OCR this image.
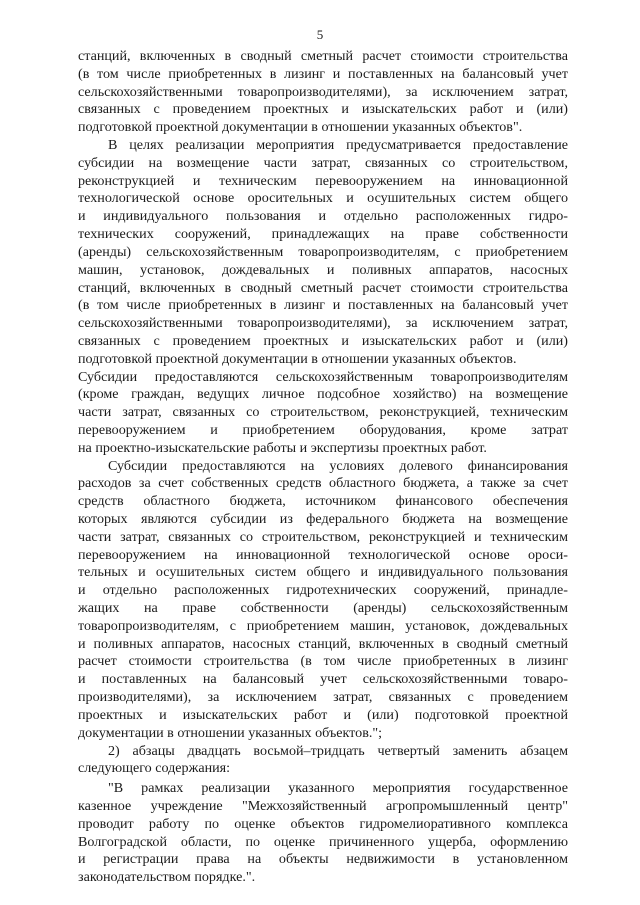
5
станций, включенных в сводный сметный расчет стоимости строительства
(в том числе приобретенных в лизинг и поставленных на балансовый учет
сельскохозяйственными товаропроизводителями), за исключением затрат,
связанных с проведением проектных и изыскательских работ и (или)
подготовкой проектной документации в отношении указанных объектов".
В целях реализации мероприятия предусматривается предоставление
субсидии на возмещение части затрат, связанных со строительством,
реконструкцией и техническим перевооружением на инновационной
технологической основе оросительных и осушительных систем общего
и индивидуального пользования и отдельно расположенных гидро-
технических сооружений, принадлежащих на праве собственности
(аренды) сельскохозяйственным товаропроизводителям, с приобретением
машин, установок, дождевальных и поливных аппаратов, насосных
станций, включенных в сводный сметный расчет стоимости строительства
(в том числе приобретенных в лизинг и поставленных на балансовый учет
сельскохозяйственными товаропроизводителями), за исключением затрат,
связанных с проведением проектных и изыскательских работ и (или)
подготовкой проектной документации в отношении указанных объектов.
Субсидии предоставляются сельскохозяйственным товаропроизводителям
(кроме граждан, ведущих личное подсобное хозяйство) на возмещение
части затрат, связанных со строительством, реконструкцией, техническим
перевооружением и приобретением оборудования, кроме затрат
на проектно-изыскательские работы и экспертизы проектных работ.
Субсидии предоставляются на условиях долевого финансирования
расходов за счет собственных средств областного бюджета, а также за счет
средств областного бюджета, источником финансового обеспечения
которых являются субсидии из федерального бюджета на возмещение
части затрат, связанных со строительством, реконструкцией и техническим
перевооружением на инновационной технологической основе ороси-
тельных и осушительных систем общего и индивидуального пользования
и отдельно расположенных гидротехнических сооружений, принадле-
жащих на праве собственности (аренды) сельскохозяйственным
товаропроизводителям, с приобретением машин, установок, дождевальных
и поливных аппаратов, насосных станций, включенных в сводный сметный
расчет стоимости строительства (в том числе приобретенных в лизинг
и поставленных на балансовый учет сельскохозяйственными товаро-
производителями), за исключением затрат, связанных с проведением
проектных и изыскательских работ и (или) подготовкой проектной
документации в отношении указанных объектов.";
2) абзацы двадцать восьмой–тридцать четвертый заменить абзацем
следующего содержания:
"В рамках реализации указанного мероприятия государственное
казенное учреждение "Межхозяйственный агропромышленный центр"
проводит работу по оценке объектов гидромелиоративного комплекса
Волгоградской области, по оценке причиненного ущерба, оформлению
и регистрации права на объекты недвижимости в установленном
законодательством порядке.".
